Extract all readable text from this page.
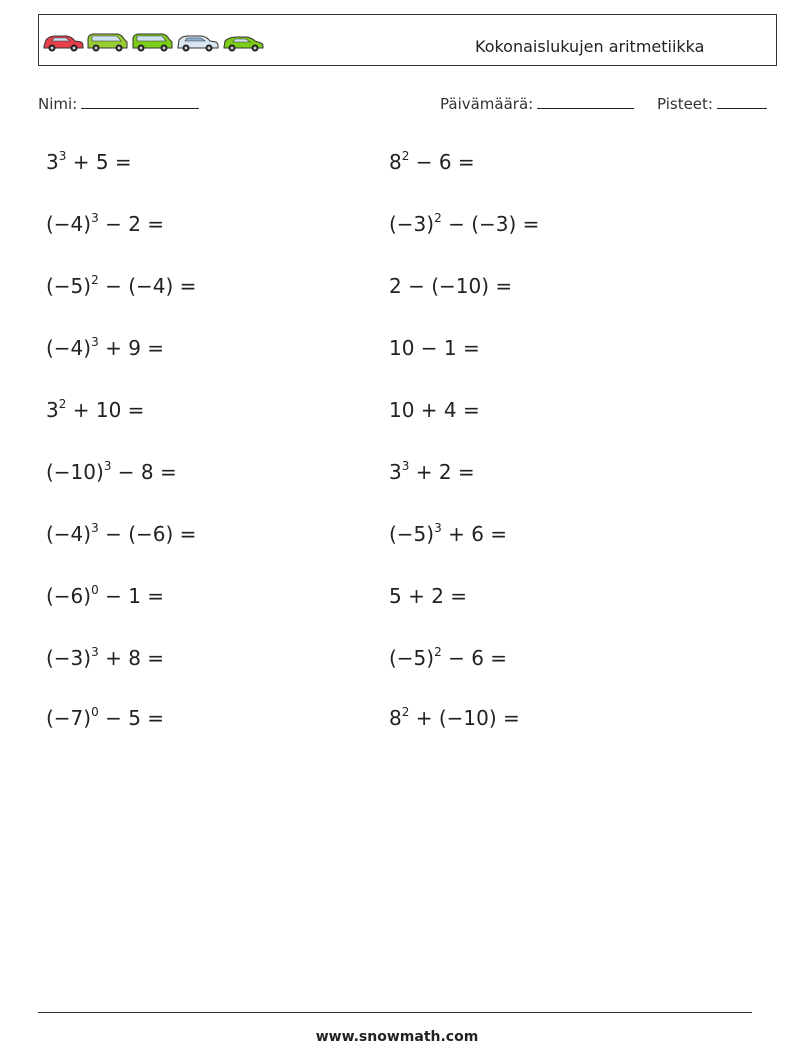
Kokonaislukujen aritmetiikka
Nimi:	Päivämäärä:	Pisteet:
$3^3 + 5$ =
$(-4)^3 - 2$ =
$(-5)^2 - (-4)$ =
$(-4)^3 + 9$ =
$3^2 + 10$ =
$(-10)^3 - 8$ =
$(-4)^3 - (-6)$ =
$(-6)^0 - 1$ =
$(-3)^3 + 8$ =
$(-7)^0 - 5$ =
$8^2 - 6$ =
$(-3)^2 - (-3)$ =
2 − (−10) =
10 − 1 =
10 + 4 =
$3^3 + 2$ =
$(-5)^3 + 6$ =
5 + 2 =
$(-5)^2 - 6$ =
$8^2 + (-10)$ =
www.snowmath.com
